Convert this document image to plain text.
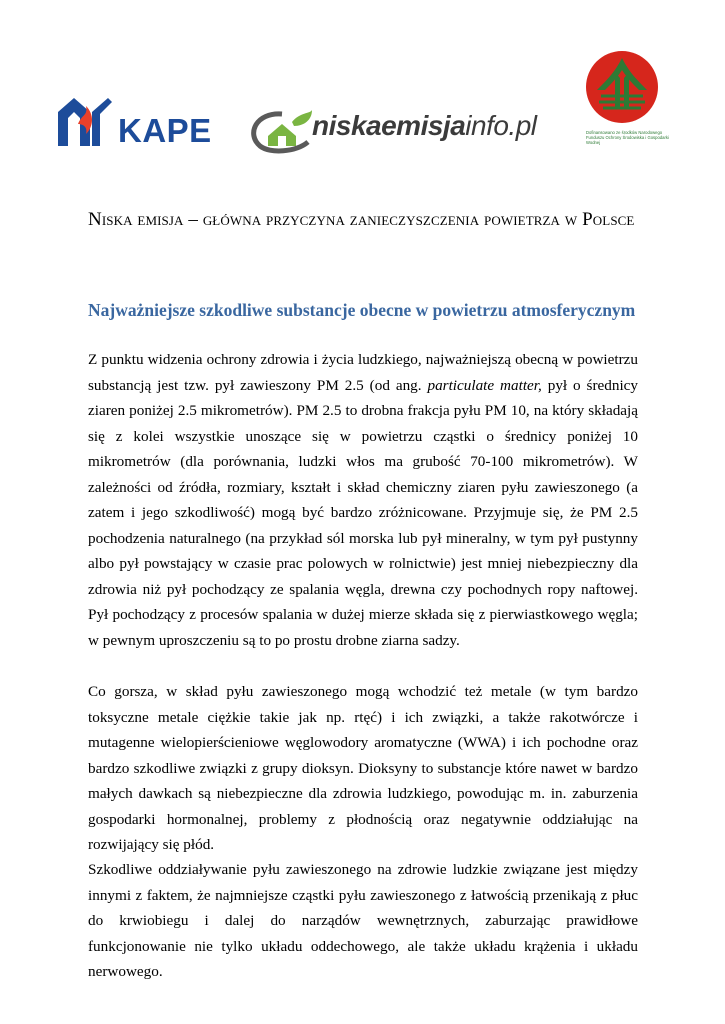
KAPE	niskaemisjainfo.pl	Dofinansowano ze środków Narodowego Funduszu Ochrony Środowiska i Gospodarki Wodnej
Niska emisja – główna przyczyna zanieczyszczenia powietrza w Polsce
Najważniejsze szkodliwe substancje obecne w powietrzu atmosferycznym

Z punktu widzenia ochrony zdrowia i życia ludzkiego, najważniejszą obecną w powietrzu substancją jest tzw. pył zawieszony PM 2.5 (od ang. particulate matter, pył o średnicy ziaren poniżej 2.5 mikrometrów). PM 2.5 to drobna frakcja pyłu PM 10, na który składają się z kolei wszystkie unoszące się w powietrzu cząstki o średnicy poniżej 10 mikrometrów (dla porównania, ludzki włos ma grubość 70-100 mikrometrów). W zależności od źródła, rozmiary, kształt i skład chemiczny ziaren pyłu zawieszonego (a zatem i jego szkodliwość) mogą być bardzo zróżnicowane. Przyjmuje się, że PM 2.5 pochodzenia naturalnego (na przykład sól morska lub pył mineralny, w tym pył pustynny albo pył powstający w czasie prac polowych w rolnictwie) jest mniej niebezpieczny dla zdrowia niż pył pochodzący ze spalania węgla, drewna czy pochodnych ropy naftowej. Pył pochodzący z procesów spalania w dużej mierze składa się z pierwiastkowego węgla; w pewnym uproszczeniu są to po prostu drobne ziarna sadzy.

Co gorsza, w skład pyłu zawieszonego mogą wchodzić też metale (w tym bardzo toksyczne metale ciężkie takie jak np. rtęć) i ich związki, a także rakotwórcze i mutagenne wielopierścieniowe węglowodory aromatyczne (WWA) i ich pochodne oraz bardzo szkodliwe związki z grupy dioksyn. Dioksyny to substancje które nawet w bardzo małych dawkach są niebezpieczne dla zdrowia ludzkiego, powodując m. in. zaburzenia gospodarki hormonalnej, problemy z płodnością oraz negatywnie oddziałując na rozwijający się płód.

Szkodliwe oddziaływanie pyłu zawieszonego na zdrowie ludzkie związane jest między innymi z faktem, że najmniejsze cząstki pyłu zawieszonego z łatwością przenikają z płuc do krwiobiegu i dalej do narządów wewnętrznych, zaburzając prawidłowe funkcjonowanie nie tylko układu oddechowego, ale także układu krążenia i układu nerwowego.
